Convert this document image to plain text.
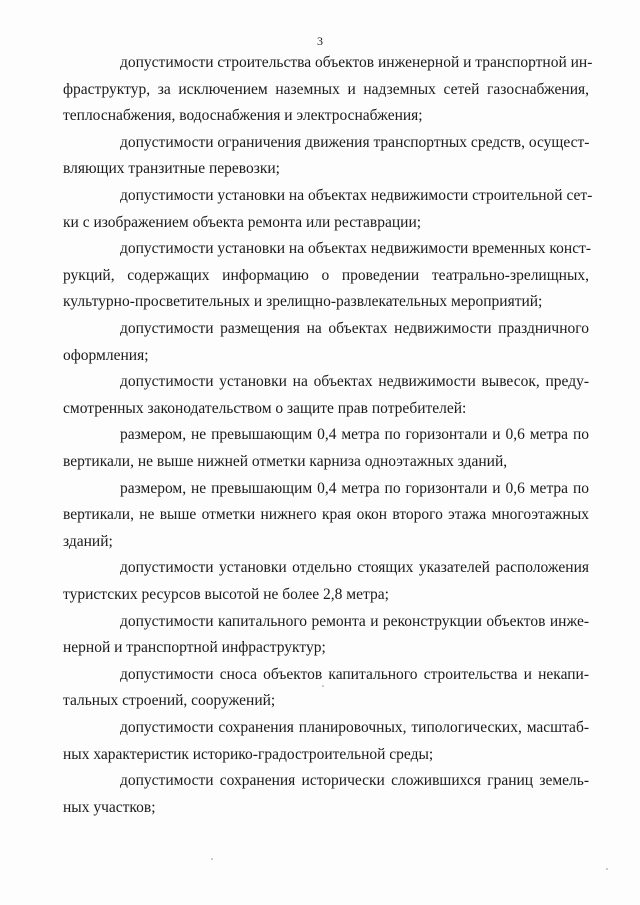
3
допустимости строительства объектов инженерной и транспортной ин-
фраструктур, за исключением наземных и надземных сетей газоснабжения,
теплоснабжения, водоснабжения и электроснабжения;
допустимости ограничения движения транспортных средств, осущест-
вляющих транзитные перевозки;
допустимости установки на объектах недвижимости строительной сет-
ки с изображением объекта ремонта или реставрации;
допустимости установки на объектах недвижимости временных конст-
рукций, содержащих информацию о проведении театрально-зрелищных,
культурно-просветительных и зрелищно-развлекательных мероприятий;
допустимости размещения на объектах недвижимости праздничного
оформления;
допустимости установки на объектах недвижимости вывесок, преду-
смотренных законодательством о защите прав потребителей:
размером, не превышающим 0,4 метра по горизонтали и 0,6 метра по
вертикали, не выше нижней отметки карниза одноэтажных зданий,
размером, не превышающим 0,4 метра по горизонтали и 0,6 метра по
вертикали, не выше отметки нижнего края окон второго этажа многоэтажных
зданий;
допустимости установки отдельно стоящих указателей расположения
туристских ресурсов высотой не более 2,8 метра;
допустимости капитального ремонта и реконструкции объектов инже-
нерной и транспортной инфраструктур;
допустимости сноса объектов капитального строительства и некапи-
тальных строений, сооружений;
допустимости сохранения планировочных, типологических, масштаб-
ных характеристик историко-градостроительной среды;
допустимости сохранения исторически сложившихся границ земель-
ных участков;
